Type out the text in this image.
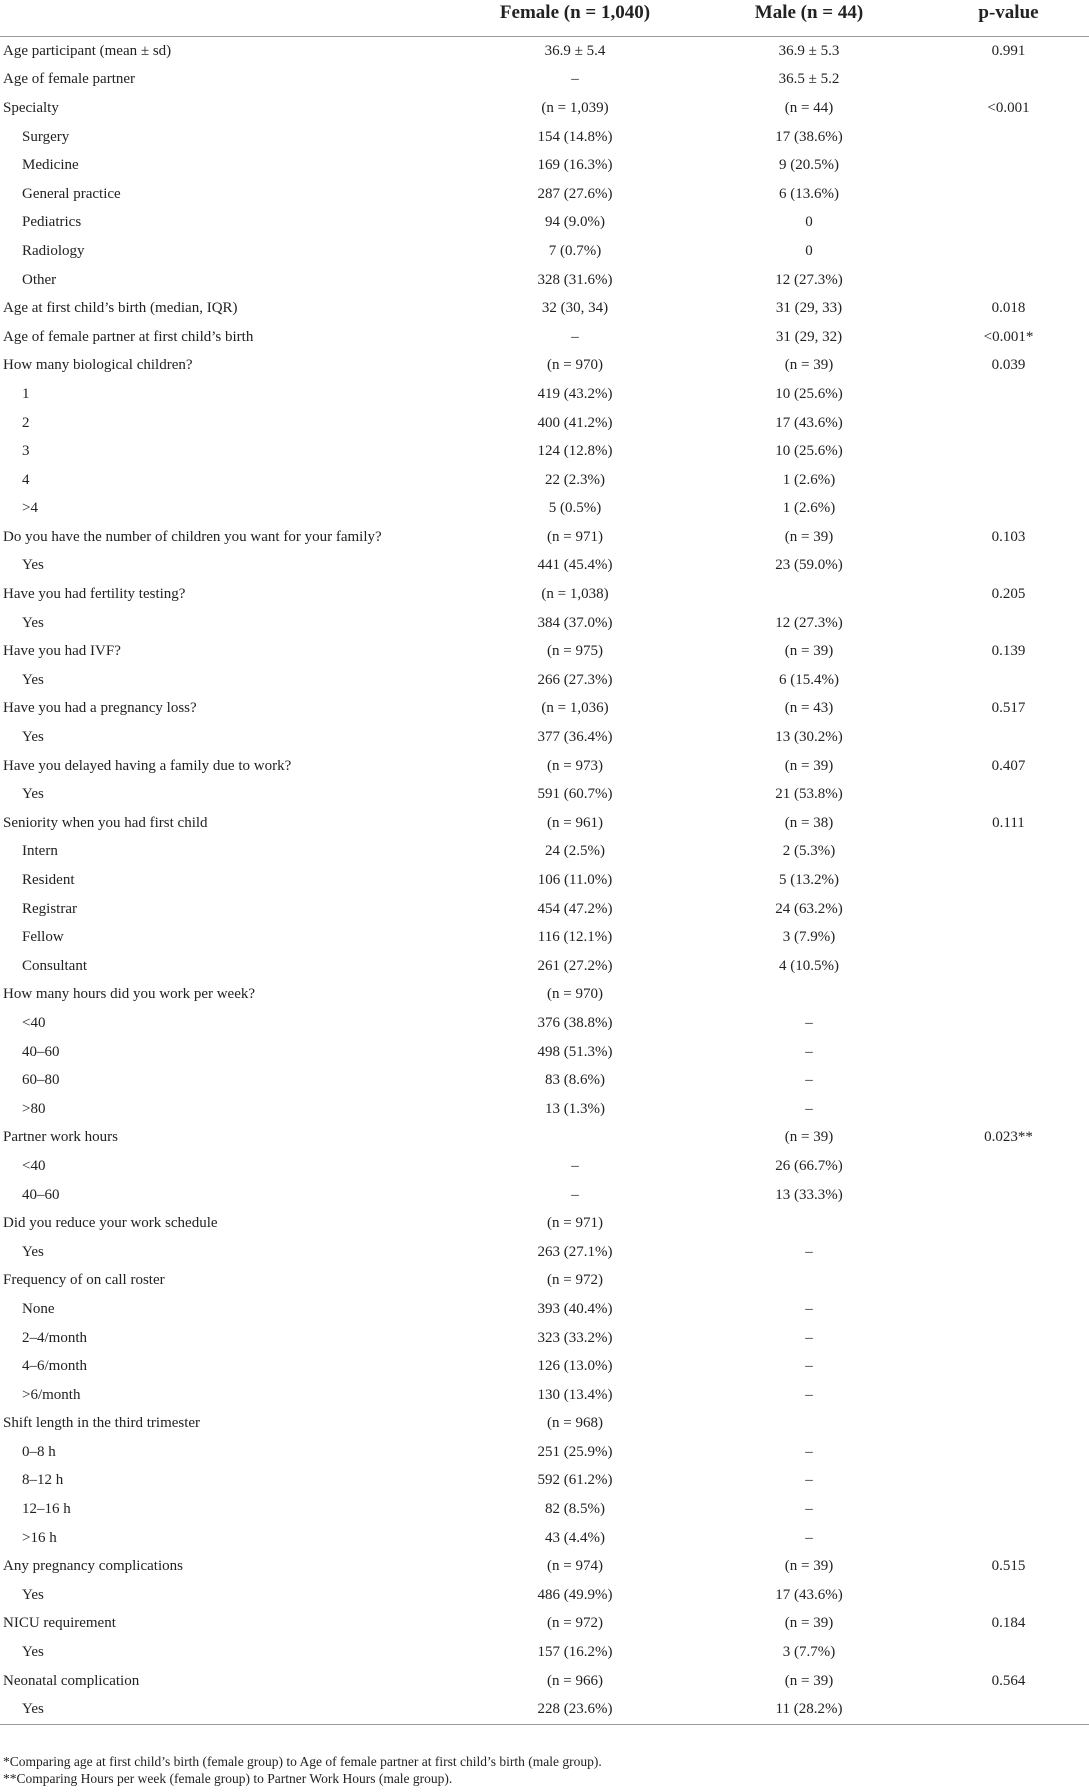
	Female (n = 1,040)	Male (n = 44)	p-value
Age participant (mean ± sd)	36.9 ± 5.4	36.9 ± 5.3	0.991
Age of female partner	–	36.5 ± 5.2	
Specialty	(n = 1,039)	(n = 44)	<0.001
Surgery	154 (14.8%)	17 (38.6%)	
Medicine	169 (16.3%)	9 (20.5%)	
General practice	287 (27.6%)	6 (13.6%)	
Pediatrics	94 (9.0%)	0	
Radiology	7 (0.7%)	0	
Other	328 (31.6%)	12 (27.3%)	
Age at first child’s birth (median, IQR)	32 (30, 34)	31 (29, 33)	0.018
Age of female partner at first child’s birth	–	31 (29, 32)	<0.001*
How many biological children?	(n = 970)	(n = 39)	0.039
1	419 (43.2%)	10 (25.6%)	
2	400 (41.2%)	17 (43.6%)	
3	124 (12.8%)	10 (25.6%)	
4	22 (2.3%)	1 (2.6%)	
>4	5 (0.5%)	1 (2.6%)	
Do you have the number of children you want for your family?	(n = 971)	(n = 39)	0.103
Yes	441 (45.4%)	23 (59.0%)	
Have you had fertility testing?	(n = 1,038)		0.205
Yes	384 (37.0%)	12 (27.3%)	
Have you had IVF?	(n = 975)	(n = 39)	0.139
Yes	266 (27.3%)	6 (15.4%)	
Have you had a pregnancy loss?	(n = 1,036)	(n = 43)	0.517
Yes	377 (36.4%)	13 (30.2%)	
Have you delayed having a family due to work?	(n = 973)	(n = 39)	0.407
Yes	591 (60.7%)	21 (53.8%)	
Seniority when you had first child	(n = 961)	(n = 38)	0.111
Intern	24 (2.5%)	2 (5.3%)	
Resident	106 (11.0%)	5 (13.2%)	
Registrar	454 (47.2%)	24 (63.2%)	
Fellow	116 (12.1%)	3 (7.9%)	
Consultant	261 (27.2%)	4 (10.5%)	
How many hours did you work per week?	(n = 970)		
<40	376 (38.8%)	–	
40–60	498 (51.3%)	–	
60–80	83 (8.6%)	–	
>80	13 (1.3%)	–	
Partner work hours		(n = 39)	0.023**
<40	–	26 (66.7%)	
40–60	–	13 (33.3%)	
Did you reduce your work schedule	(n = 971)		
Yes	263 (27.1%)	–	
Frequency of on call roster	(n = 972)		
None	393 (40.4%)	–	
2–4/month	323 (33.2%)	–	
4–6/month	126 (13.0%)	–	
>6/month	130 (13.4%)	–	
Shift length in the third trimester	(n = 968)		
0–8 h	251 (25.9%)	–	
8–12 h	592 (61.2%)	–	
12–16 h	82 (8.5%)	–	
>16 h	43 (4.4%)	–	
Any pregnancy complications	(n = 974)	(n = 39)	0.515
Yes	486 (49.9%)	17 (43.6%)	
NICU requirement	(n = 972)	(n = 39)	0.184
Yes	157 (16.2%)	3 (7.7%)	
Neonatal complication	(n = 966)	(n = 39)	0.564
Yes	228 (23.6%)	11 (28.2%)	
*Comparing age at first child’s birth (female group) to Age of female partner at first child’s birth (male group).
**Comparing Hours per week (female group) to Partner Work Hours (male group).
